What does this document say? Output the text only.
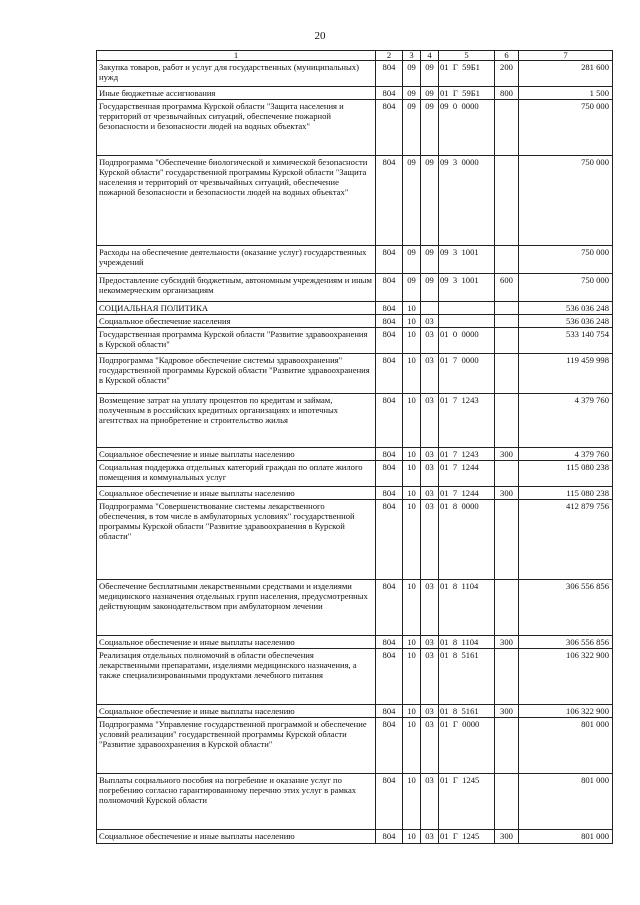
20
1	2	3	4	5	6	7
Закупка товаров, работ и услуг для государственных (муниципальных) нужд	804	09	09	01  Г  59Б1	200	281 600
Иные бюджетные ассигнования	804	09	09	01  Г  59Б1	800	1 500
Государственная программа Курской области "Защита населения и территорий от чрезвычайных ситуаций, обеспечение пожарной безопасности и безопасности людей на водных объектах"	804	09	09	09  0  0000		750 000
Подпрограмма "Обеспечение биологической и химической безопасности Курской области" государственной программы Курской области "Защита населения и территорий от чрезвычайных ситуаций, обеспечение пожарной безопасности и безопасности людей на водных объектах"	804	09	09	09  3  0000		750 000
Расходы на обеспечение деятельности (оказание услуг) государственных учреждений	804	09	09	09  3  1001		750 000
Предоставление субсидий бюджетным, автономным учреждениям и иным некоммерческим организациям	804	09	09	09  3  1001	600	750 000
СОЦИАЛЬНАЯ ПОЛИТИКА	804	10				536 036 248
Социальное обеспечение населения	804	10	03			536 036 248
Государственная программа Курской области "Развитие здравоохранения в Курской области"	804	10	03	01  0  0000		533 140 754
Подпрограмма "Кадровое обеспечение системы здравоохранения" государственной программы Курской области "Развитие здравоохранения в Курской области"	804	10	03	01  7  0000		119 459 998
Возмещение затрат на уплату процентов по кредитам и займам, полученным в российских кредитных организациях и ипотечных агентствах на приобретение и строительство жилья	804	10	03	01  7  1243		4 379 760
Социальное обеспечение и иные выплаты населению	804	10	03	01  7  1243	300	4 379 760
Социальная поддержка отдельных категорий граждан по оплате жилого помещения и коммунальных услуг	804	10	03	01  7  1244		115 080 238
Социальное обеспечение и иные выплаты населению	804	10	03	01  7  1244	300	115 080 238
Подпрограмма "Совершенствование системы лекарственного обеспечения, в том числе в амбулаторных условиях" государственной программы Курской области "Развитие здравоохранения в Курской области"	804	10	03	01  8  0000		412 879 756
Обеспечение бесплатными лекарственными средствами и изделиями медицинского назначения отдельных групп населения, предусмотренных действующим законодательством при амбулаторном лечении	804	10	03	01  8  1104		306 556 856
Социальное обеспечение и иные выплаты населению	804	10	03	01  8  1104	300	306 556 856
Реализация отдельных полномочий в области обеспечения лекарственными препаратами, изделиями медицинского назначения, а также специализированными продуктами лечебного питания	804	10	03	01  8  5161		106 322 900
Социальное обеспечение и иные выплаты населению	804	10	03	01  8  5161	300	106 322 900
Подпрограмма "Управление государственной программой и обеспечение условий реализации" государственной программы Курской области "Развитие здравоохранения в Курской области"	804	10	03	01  Г  0000		801 000
Выплаты социального пособия на погребение и оказание услуг по погребению согласно гарантированному перечню этих услуг в рамках полномочий Курской области	804	10	03	01  Г  1245		801 000
Социальное обеспечение и иные выплаты населению	804	10	03	01  Г  1245	300	801 000
